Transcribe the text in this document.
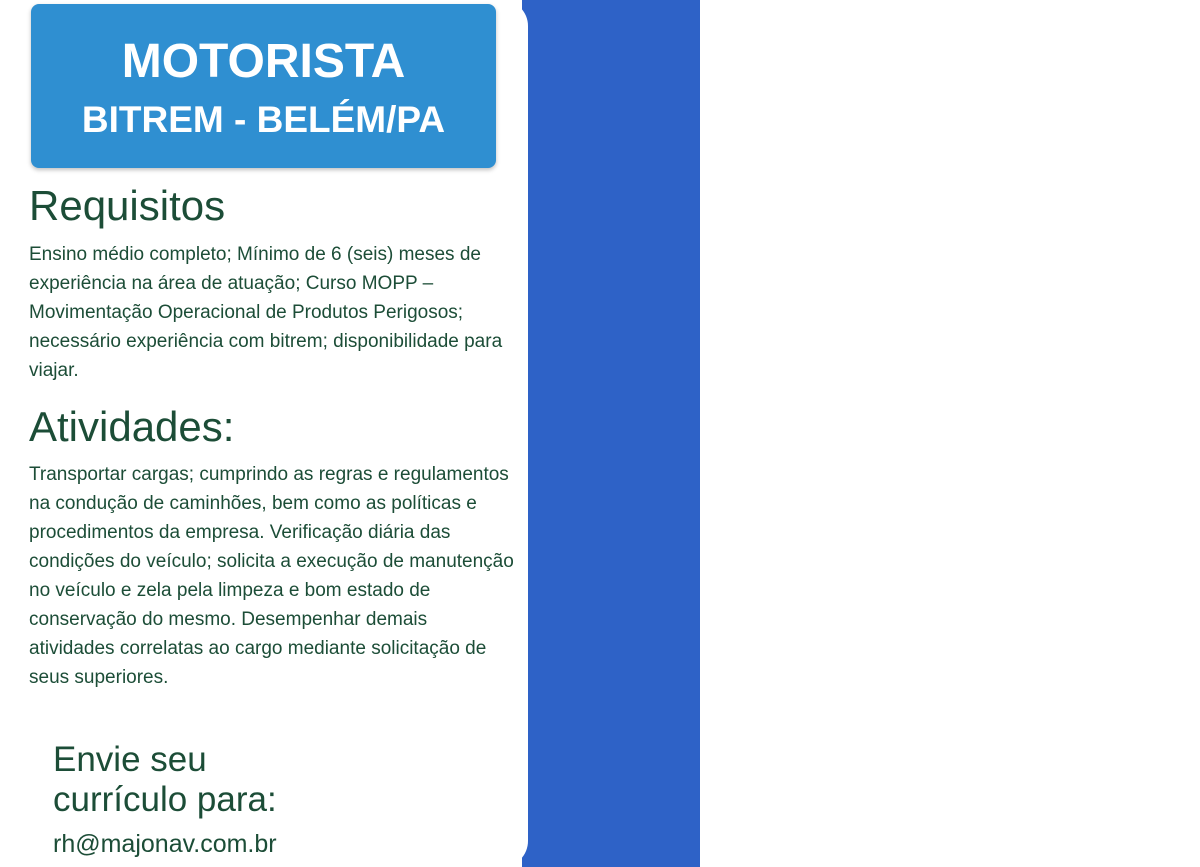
TEMOS VAGA
MOTORISTA
BITREM - BELÉM/PA
Requisitos
Ensino médio completo; Mínimo de 6 (seis) meses de experiência na área de atuação; Curso MOPP – Movimentação Operacional de Produtos Perigosos; necessário experiência com bitrem; disponibilidade para viajar.
Atividades:
Transportar cargas; cumprindo as regras e regulamentos na condução de caminhões, bem como as políticas e procedimentos da empresa. Verificação diária das condições do veículo; solicita a execução de manutenção no veículo e zela pela limpeza e bom estado de conservação do mesmo. Desempenhar demais atividades correlatas ao cargo mediante solicitação de seus superiores.
Envie seu
currículo para:
rh@majonav.com.br
